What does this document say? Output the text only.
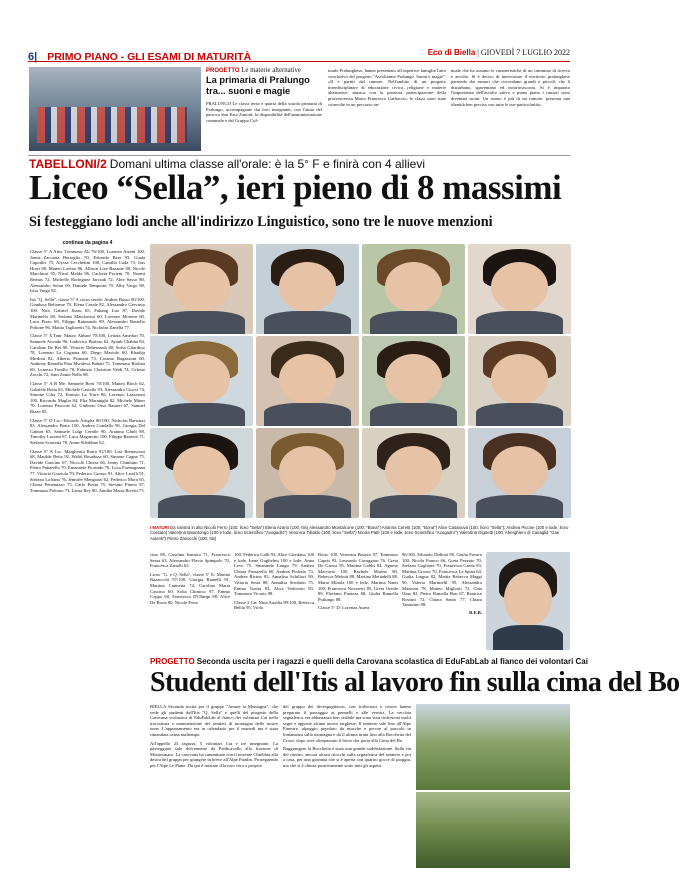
6| PRIMO PIANO - GLI ESAMI DI MATURITÀ	Eco di Biella | GIOVEDÌ 7 LUGLIO 2022
PROGETTO Le materie alternative
La primaria di Pralungo
tra... suoni e magie
PRALUNGO Le classi terza e quarta della scuola primaria di Pralungo, accompagnate dai loro insegnanti, con l'aiuto del parroco don Ezio Zanotti, la disponibilità dell'amministrazione comunale e del Gruppo Cul-
turale Pralunghese, hanno presentato all'ospettive famiglie l'atto conclusivo del progetto "Ascoltiamo Pralungo. Suoni e magie". «Il e partiti dal rumore. Nell'ambito di un progetto interdisciplinare di educazione civica, religione e materie alternative, musica con la preziosa partecipazione della professoressa Maria Francesca Garbaccio, le classi sono state coinvolte in un percorso an-
nuale che ha assunto le caratteristiche di un cammino di ricerca e ascolto. Si è deciso di intervistare il territorio pralunghese partendo dai rumori che circondano grandi e piccoli, che li disturbano, spaventano ed incuriosiscono. Si è imparato l'importanza dell'ascolto attivo e piano piano i rumori sono diventati suoni. Un suono è più di un rumore, presenta una identità ben precisa con tutte le sue particolarità».
TABELLONI/2 Domani ultima classe all'orale: è la 5° F e finirà con 4 allievi
Liceo “Sella”, ieri pieno di 8 massimi
Si festeggiano lodi anche all'indirizzo Linguistico, sono tre le nuove menzioni
continua da pagina 4

Classe 5° A Afm: Tommaso Ali 76/100, Lorenzo Atzeni 100, Jonut Zaccaria Bertoglio 70, Edoardo Beta 93, Giada Capodici 75, Alyssa Cecchettin 100, Camilla Coda 73, Iras Horri 80, Matteo Lavino 86, Allison Lize Bazante 80, Nicole Marchiori 95, Nicol Melda 86, Carlotta Proietti 70, Noemi Remus 72, Michelle Rodriguez Jarczak 72, Alex Sasso 80, Alessandro Solari 60, Daniele Temporin 70, Alby Vargo 98, Irisa Vargo 82.

Itis "Q. Sella", classe 5° A corso serale: Andrea Basso 80/100, Gianluca Beltrame 70, Elena Cesale 82, Alessandro Gervasio 100, Nico Gabriel Jitaru 65, Fukang Luo 87, Davide Marinello 68, Stefano Mascherini 60, Lorenzo Moretto 60, Luca Pizzo 68, Filippo Raimondo 89, Alessandro Rastello Poltone 96, Mattia Tagliaretti 74, Nicholas Zanella 77.

Classe 5° A Tam: Mauro Abbate 70/100, Letizia Amedari 70, Samuele Avondo 96, Ludovico Bottaro 62, Ayoub Chabba 84, Carolina De Bei 90, Vittorio Debernardi 80, Sofia Gilardino 78, Lorenzo La Cognata 60, Diego Masiolo 60, Khadija Mirdoui 82, Alberto Pismatti 73, Cosimo Ragazzoni 60, Anthony Raniella Paia Mwaleva Bahati 75, Tommaso Riolina 60, Lorenzo Tunillo 70, Fabrizio Christian Valdi 74, Celeste Zacchi 72, Sam Zonta Nello 88.

Classe 5° A B Me: Samuele Berti 70/100, Matteo Bloch 62, Gabriele Botta 63, Michele Castello 93, Alessandro Ciucci 74, Simone Cilia 72, Ernesto La Torre 86, Lorenzo Lazzaroni 100, Riccardo Maglia 84, Elia Maranighi 82, Michele Miner 70, Lorenzo Pascone 62, Umberto Orso Ranieri 67, Samuel Rizzo 85.

Classe 5° D Lsc: Edoardo Artiglia 80/100, Nicholas Barruzzi 83, Alessandro Botto 100, Andrea Condello 96, Giorgia Dal Canton 65, Samuele Luigi Cernile 90, Arianna Ghidi 88, Timothy Luciani 67, Luca Magarotto 100, Filippo Ranotto 71, Stefano Sciaretta 78, Amin Sileddine 62.

Classe 5° A Lsc: Margherita Barra 91/100, Lisa Bernasconi 68, Matilde Betta 92, Walid Bouabssa 60, Simone Cagna 75, Davide Caucino 67, Niccolò Chiesa 66, Jenny Climbinn 71, Pietro Pattarello 70, Emanuele Fiorindo 76, Luca Formagnana 77, Vittoria Graziola 70, Federico Grosso 91, Alice Livelli 91, Stefano Lofrano 76, Jennifer Mengozzi 62, Federico Moro 65, Chiara Pettenuzzo 75, Carlo Pietta 75, Stefano Pinoto 87, Tommaso Poltono 73, Laura Rey 80, Annika Maria Rivetti 75.

I MATURI Da sinistra in alto Nicolò Ferro (100, liceo "Sella") Elena Azario (100, Itis) Alessandro Montalcone (100, "Bona") Arianna Ceretti (100, "Bona") Alice Casanova (100, liceo "Sella"); Andrea Picone (100 e lode, liceo Cossato) Valentina Bisantongo (100 e lode, liceo Scientifico "Avogadro") Veronica Tibaldo (100, liceo "Sella") Nicola Patti (100 e lode, liceo Scientifico "Avogadro") Valentina Gignetti (100, Aberghiero di Cavaglià "Gae Aulenti") Pietro Zanocchi (100, Itis)

cino 80, Carolina Santoro 71, Francesco Sessa 63, Alessandro Flavio Spimpolo 70, Francesca Zanolli 63.

Liceo "G. e Q. Sella", classe 5° E: Marina Bazzocchi 97/100, Giorgia Bianelli 91, Martina Caimetta 74, Carolina Maria Cascino 60, Sofia Chinicio 97, Emma Coppo 60, Francesco D'Olimpi 88, Alice De Boria 80, Nicolò Ferro

100, Federica Galli 93, Alice Giordano 100 e lode, Irene Guglielmi 100 e lode, Anna Levo 75, Smaranda Lungu 79, Andrea Chiara Passarella 60, Andrea Piolotto 73, Andrea Ricino 83, Annalisa Schillaci 90, Vittoria Sesta 88, Annalisa Strobino 75, Emma Tuetta 83, Alice Vedovato 83, Tommaso Vicario 98.

Classe 2 Gn: Nina Auxilia 89/100, Rebecca Bellia 95, Viola

Borio 100, Veronica Bruzzo 97, Tommaso Capris 93, Leonardo Cavaggion 76, Greta De Grossi 95, Martina Gobbi 84, Agnese Maccario 100, Rachele Marino 80, Rebecca Melotti 88, Martina Mettadelli 88, Marta Minola 100 e lode, Martina Nanti 100, Francesca Novaretti 85, Greta Oreale 89, Floriano Panizza 68, Giulia Ramella Pralungo 88.

Classe 5° D: Lorenza Aurea

96/100, Edoardo Didioni 80, Giulia Favaro 100, Nicola Franco 66, Greta Pezzato 70, Stefano Gaglione 70, Francesca Greda 83, Martina Grosso 70, Francesca La Spina 64, Giulia Lingua 82, Mattia Rebecca Maggi 90, Valeria Martinelli 95, Alessandro Mazzoni 78, Matteo Migliotti 72, Gaia Omo 82, Pietro Ramella Bon 67, Beatrice Rossini 72, Chiara Santo 77, Chiara Tarantino 98.

R.E.B.

PROGETTO Seconda uscita per i ragazzi e quelli della Carovana scolastica di EduFabLab al fianco dei volontari Cai
Studenti dell'Itis al lavoro fin sulla cima del Bo

BIELLA Seconda uscita per il gruppo "Amare la Montagna", che vede gli studenti dell'Itis "Q. Sella" e quelli del progetto della Carovana scolastica di EduFabLab al fianco dei volontari Cai nella tracciatura e manutenzione dei sentieri di montagna delle nostre zone. L'appuntamento era in calendario per il martedì ma è stata rimandata causa maltempo.

All'appello 23 ragazzi, 5 volontari Cai e tre insegnanti. La passeggiata sale dolcemente da Piedicavallo alla frazione di Montesinaro. La carovana ha camminato con il torrente Chiobbia alla destra del gruppo per giungere in breve all'Alpe Pianlin. Proseguendo per l'Alpe Le Piane. Da qui è iniziato il lavoro vero e proprio

del gruppo dei decespugliatori, con forbicioni e cesoie hanno preparato il passaggio ai pennelli e alle vernici. La vecchia segnaletica era abbastanza ben visibile ma sono stati rinfrescati molti segni e apposte alcune nuove targhette. Il sentiero sale fino all'Alpe Finestre, alpeggio popolato da mucche e pecore al pascolo in lontananza sulla montagna e da il ultima tirata fino alla Bocchetta del Croso, dopo aver oltrepassato il bivio che porta alla Cima del Bo.

Raggiungere la Bocchetta è stata una grande soddisfazione. Sulla via del ritorno, ancora alcuni ritocchi sulla segnaletica del sentiero e poi a casa, per una giornata che si è aperta con quattro gocce di pioggia, ma che si è chiusa positivamente sotto tutti gli aspetti.
